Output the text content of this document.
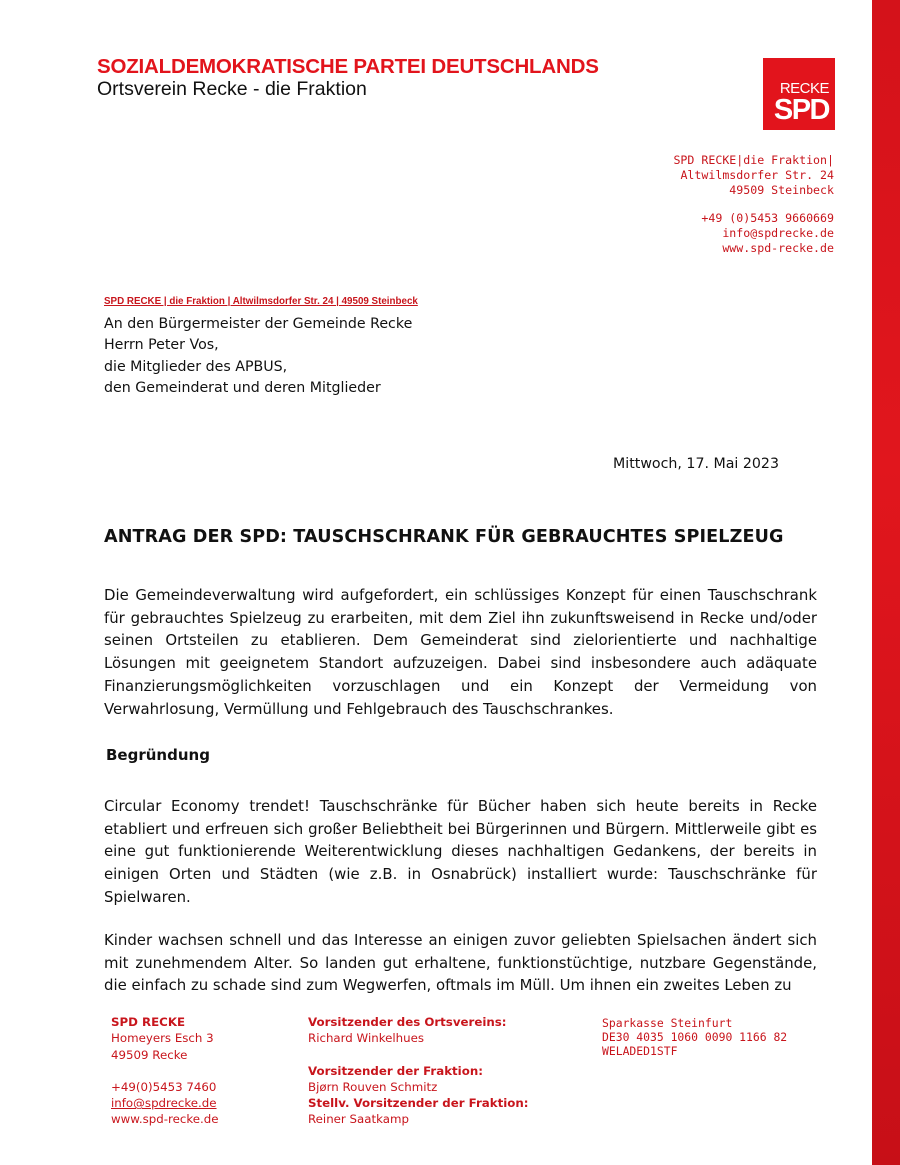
SOZIALDEMOKRATISCHE PARTEI DEUTSCHLANDS
Ortsverein Recke - die Fraktion	RECKE
SPD
SPD RECKE|die Fraktion|
Altwilmsdorfer Str. 24
49509 Steinbeck
+49 (0)5453 9660669
info@spdrecke.de
www.spd-recke.de
SPD RECKE | die Fraktion | Altwilmsdorfer Str. 24 | 49509 Steinbeck
An den Bürgermeister der Gemeinde Recke
Herrn Peter Vos,
die Mitglieder des APBUS,
den Gemeinderat und deren Mitglieder
Mittwoch, 17. Mai 2023
ANTRAG DER SPD: TAUSCHSCHRANK FÜR GEBRAUCHTES SPIELZEUG
Die Gemeindeverwaltung wird aufgefordert, ein schlüssiges Konzept für einen Tauschschrank für gebrauchtes Spielzeug zu erarbeiten, mit dem Ziel ihn zukunftsweisend in Recke und/oder seinen Ortsteilen zu etablieren. Dem Gemeinderat sind zielorientierte und nachhaltige Lösungen mit geeignetem Standort aufzuzeigen. Dabei sind insbesondere auch adäquate Finanzierungsmöglichkeiten vorzuschlagen und ein Konzept der Vermeidung von Verwahrlosung, Vermüllung und Fehlgebrauch des Tauschschrankes.
Begründung
Circular Economy trendet! Tauschschränke für Bücher haben sich heute bereits in Recke etabliert und erfreuen sich großer Beliebtheit bei Bürgerinnen und Bürgern. Mittlerweile gibt es eine gut funktionierende Weiterentwicklung dieses nachhaltigen Gedankens, der bereits in einigen Orten und Städten (wie z.B. in Osnabrück) installiert wurde: Tauschschränke für Spielwaren.
Kinder wachsen schnell und das Interesse an einigen zuvor geliebten Spielsachen ändert sich mit zunehmendem Alter. So landen gut erhaltene, funktionstüchtige, nutzbare Gegenstände, die einfach zu schade sind zum Wegwerfen, oftmals im Müll. Um ihnen ein zweites Leben zu
SPD RECKE
Homeyers Esch 3
49509 Recke
+49(0)5453 7460
info@spdrecke.de
www.spd-recke.de
Vorsitzender des Ortsvereins:
Richard Winkelhues
Vorsitzender der Fraktion:
Bjørn Rouven Schmitz
Stellv. Vorsitzender der Fraktion:
Reiner Saatkamp
Sparkasse Steinfurt
DE30 4035 1060 0090 1166 82
WELADED1STF
